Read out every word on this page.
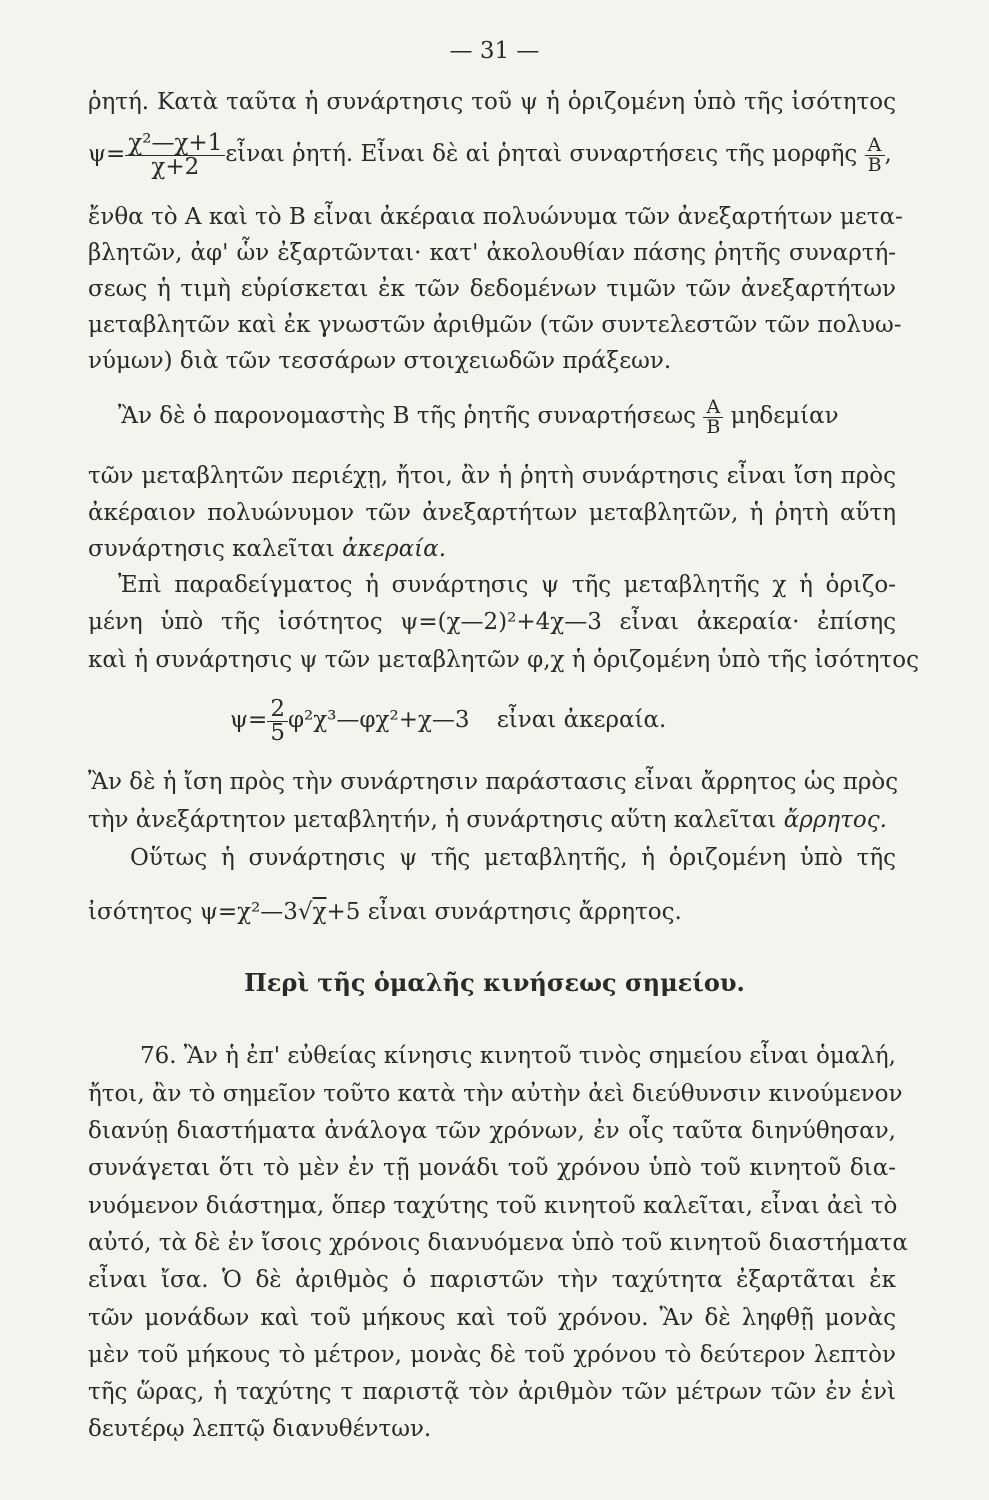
— 31 —
ῥητή. Κατὰ ταῦτα ἡ συνάρτησις τοῦ ψ ἡ ὁριζομένη ὑπὸ τῆς ἰσότητος
$\psi= \frac{\text{χ²—χ+1}}{\chi+2}$ εἶναι ῥητή. Εἶναι δὲ αἱ ῥηταὶ συναρτήσεις τῆς μορφῆς $\frac{A}{B}$ ,
ἔνθα τὸ Α καὶ τὸ Β εἶναι ἀκέραια πολυώνυμα τῶν ἀνεξαρτήτων μετα-
βλητῶν, ἀφ' ὧν ἐξαρτῶνται· κατ' ἀκολουθίαν πάσης ῥητῆς συναρτή-
σεως ἡ τιμὴ εὑρίσκεται ἐκ τῶν δεδομένων τιμῶν τῶν ἀνεξαρτήτων
μεταβλητῶν καὶ ἐκ γνωστῶν ἀριθμῶν (τῶν συντελεστῶν τῶν πολυω-
νύμων) διὰ τῶν τεσσάρων στοιχειωδῶν πράξεων.
Ἂν δὲ ὁ παρονομαστὴς Β τῆς ῥητῆς συναρτήσεως $\frac{A}{B}$ μηδεμίαν
τῶν μεταβλητῶν περιέχῃ, ἤτοι, ἂν ἡ ῥητὴ συνάρτησις εἶναι ἴση πρὸς
ἀκέραιον πολυώνυμον τῶν ἀνεξαρτήτων μεταβλητῶν, ἡ ῥητὴ αὕτη
συνάρτησις καλεῖται ἀκεραία.
Ἐπὶ παραδείγματος ἡ συνάρτησις ψ τῆς μεταβλητῆς χ ἡ ὁριζο-
μένη ὑπὸ τῆς ἰσότητος ψ=(χ—2)²+4χ—3 εἶναι ἀκεραία· ἐπίσης
καὶ ἡ συνάρτησις ψ τῶν μεταβλητῶν φ,χ ἡ ὁριζομένη ὑπὸ τῆς ἰσότητος
$\psi= \frac{2}{5}$ φ²χ³—φχ²+χ—3 εἶναι ἀκεραία.
Ἂν δὲ ἡ ἴση πρὸς τὴν συνάρτησιν παράστασις εἶναι ἄρρητος ὡς πρὸς
τὴν ἀνεξάρτητον μεταβλητήν, ἡ συνάρτησις αὕτη καλεῖται ἄρρητος.
Οὕτως ἡ συνάρτησις ψ τῆς μεταβλητῆς, ἡ ὁριζομένη ὑπὸ τῆς
ἰσότητος ψ=χ²—3√χ+5 εἶναι συνάρτησις ἄρρητος.
Περὶ τῆς ὁμαλῆς κινήσεως σημείου.
76. Ἂν ἡ ἐπ' εὐθείας κίνησις κινητοῦ τινὸς σημείου εἶναι ὁμαλή,
ἤτοι, ἂν τὸ σημεῖον τοῦτο κατὰ τὴν αὐτὴν ἀεὶ διεύθυνσιν κινούμενον
διανύῃ διαστήματα ἀνάλογα τῶν χρόνων, ἐν οἷς ταῦτα διηνύθησαν,
συνάγεται ὅτι τὸ μὲν ἐν τῇ μονάδι τοῦ χρόνου ὑπὸ τοῦ κινητοῦ δια-
νυόμενον διάστημα, ὅπερ ταχύτης τοῦ κινητοῦ καλεῖται, εἶναι ἀεὶ τὸ
αὐτό, τὰ δὲ ἐν ἴσοις χρόνοις διανυόμενα ὑπὸ τοῦ κινητοῦ διαστήματα
εἶναι ἴσα. Ὁ δὲ ἀριθμὸς ὁ παριστῶν τὴν ταχύτητα ἐξαρτᾶται ἐκ
τῶν μονάδων καὶ τοῦ μήκους καὶ τοῦ χρόνου. Ἂν δὲ ληφθῇ μονὰς
μὲν τοῦ μήκους τὸ μέτρον, μονὰς δὲ τοῦ χρόνου τὸ δεύτερον λεπτὸν
τῆς ὥρας, ἡ ταχύτης τ παριστᾷ τὸν ἀριθμὸν τῶν μέτρων τῶν ἐν ἑνὶ
δευτέρῳ λεπτῷ διανυθέντων.
